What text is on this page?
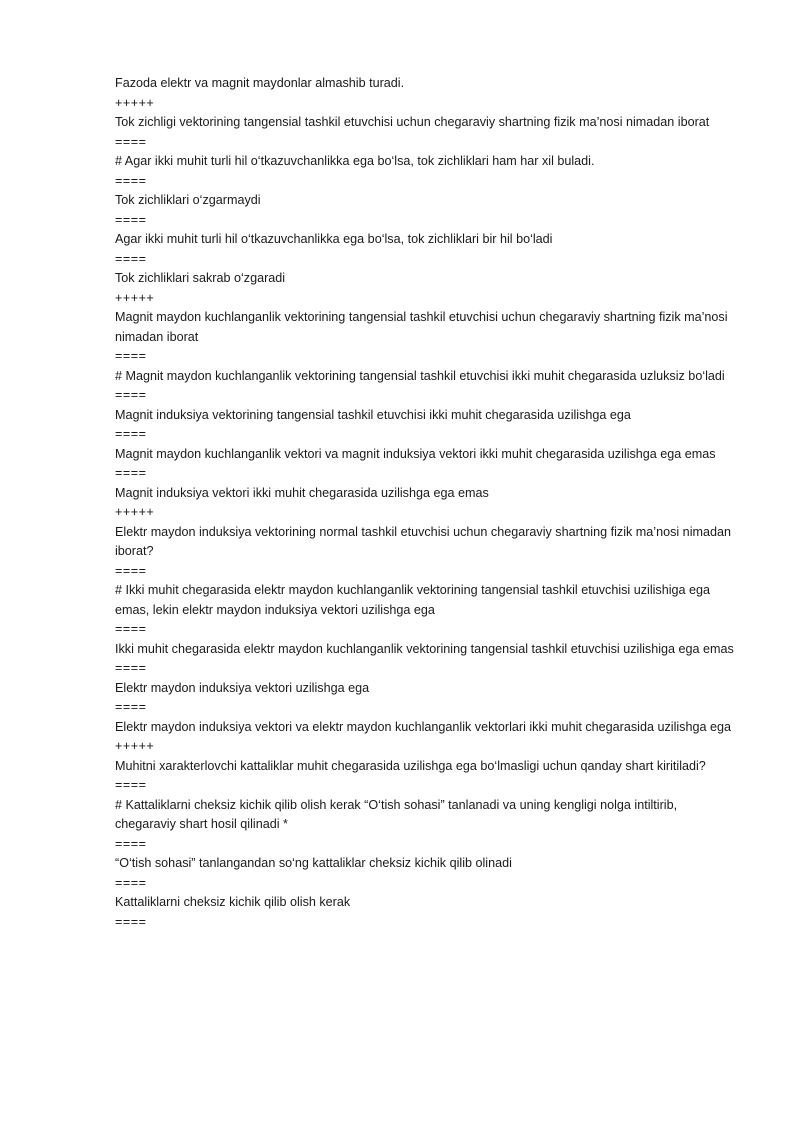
Fazoda elektr va magnit maydonlar almashib turadi.

+++++

Tok zichligi vektorining tangensial tashkil etuvchisi uchun chegaraviy shartning fizik ma’nosi nimadan iborat

====

# Agar ikki muhit turli hil o‘tkazuvchanlikka ega bo‘lsa, tok zichliklari ham har xil buladi.

====

Tok zichliklari o‘zgarmaydi

====

Agar ikki muhit turli hil o‘tkazuvchanlikka ega bo‘lsa, tok zichliklari bir hil bo‘ladi

====

Tok zichliklari sakrab o‘zgaradi

+++++

Magnit maydon kuchlanganlik vektorining tangensial tashkil etuvchisi uchun chegaraviy shartning fizik ma’nosi nimadan iborat

====

# Magnit maydon kuchlanganlik vektorining tangensial tashkil etuvchisi ikki muhit chegarasida uzluksiz bo‘ladi

====

Magnit induksiya vektorining tangensial tashkil etuvchisi ikki muhit chegarasida uzilishga ega

====

Magnit maydon kuchlanganlik vektori va magnit induksiya vektori ikki muhit chegarasida uzilishga ega emas

====

Magnit induksiya vektori ikki muhit chegarasida uzilishga ega emas

+++++

Elektr maydon induksiya vektorining normal tashkil etuvchisi uchun chegaraviy shartning fizik ma’nosi nimadan iborat?

====

# Ikki muhit chegarasida elektr maydon kuchlanganlik vektorining tangensial tashkil etuvchisi uzilishiga ega emas, lekin elektr maydon induksiya vektori uzilishga ega

====

Ikki muhit chegarasida elektr maydon kuchlanganlik vektorining tangensial tashkil etuvchisi uzilishiga ega emas

====

Elektr maydon induksiya vektori uzilishga ega

====

Elektr maydon induksiya vektori va elektr maydon kuchlanganlik vektorlari ikki muhit chegarasida uzilishga ega

+++++

Muhitni xarakterlovchi kattaliklar muhit chegarasida uzilishga ega bo‘lmasligi uchun qanday shart kiritiladi?

====

# Kattaliklarni cheksiz kichik qilib olish kerak “O‘tish sohasi” tanlanadi va uning kengligi nolga intiltirib, chegaraviy shart hosil qilinadi *

====

“O‘tish sohasi” tanlangandan so‘ng kattaliklar cheksiz kichik qilib olinadi

====

Kattaliklarni cheksiz kichik qilib olish kerak

====
